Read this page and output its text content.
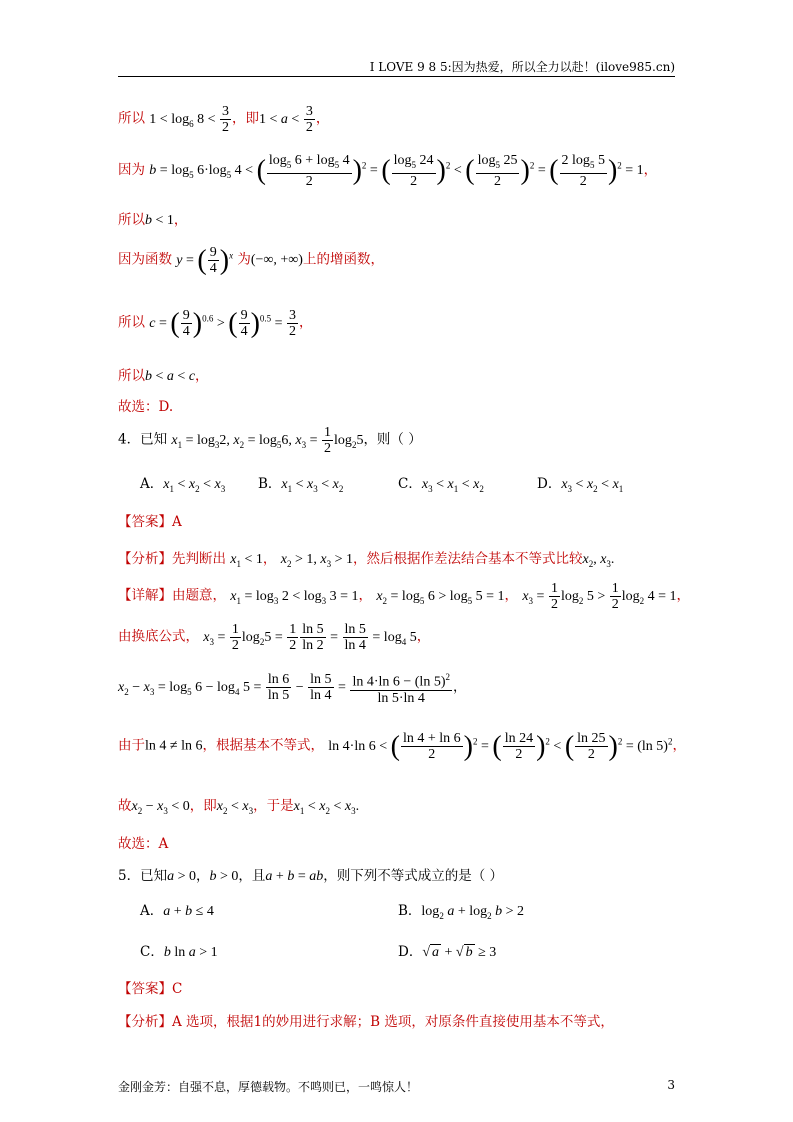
I LOVE 9 8 5:因为热爱，所以全力以赴！(ilove985.cn)
所以 $1 < \log_6 8 < \frac{3}{2}$ ，即$1 < a < \frac{3}{2}$ ，
因为 $b = \log_5 6\cdot\log_5$ 4 < ( $\frac{\log_5 6 + \log_5 4}{2} )^2$ = ( $\frac{\log_5 24}{2} )^2$ < ( $\frac{\log_5 25}{2} )^2$ = ( $\frac{2 \log_5 5}{2} )^2 = 1$，
所以b < 1，
因为函数 y = ( $\frac{9}{4} )^x$ 为(−∞, +∞)上的增函数，
所以 c = ( $\frac{9}{4} )^{0.6}$ > ( $\frac{9}{4} )^{0.5} = \frac{3}{2}$ ，
所以b < a < c，
故选：D.
4．已知 $x_1 = \log_32$, $x_2 = \log_56$, $x_3 = \frac{1}{2} \log_25$，则（ ）
A．$x_1 < x_2 < x_3$ B．$x_1 < x_3 < x_2$	C．$x_3 < x_1 < x_2$	D．$x_3 < x_2 < x_1$
【答案】A
【分析】先判断出 $x_1 < 1$， $x_2 > 1$, $x_3 > 1$，然后根据作差法结合基本不等式比较$x_2$, $x_3$.
【详解】由题意， $x_1 = \log_3 2 < \log_3 3 = 1$， $x_2 = \log_5 6 > \log_5 5 = 1$， $x_3 = \frac{1}{2} \log_2 5 > \frac{1}{2} \log_2 4 = 1$，
由换底公式， $x_3 = \frac{1}{2} \log_25 = \frac{1}{2} \frac{\ln 5}{\ln 2} = \frac{\ln 5}{\ln 4} = \log_4 5$，
$x_2 - x_3 = \log_5 6 - \log_4 5 = \frac{\ln 6}{\ln 5} - \frac{\ln 5}{\ln 4} = \frac{\ln 4\cdot\ln 6 - (\ln 5)^2}{\ln 5\cdot\ln 4}$ ，
由于ln 4 ≠ ln 6，根据基本不等式， ln 4·ln 6 < ( $\frac{\ln 4 + \ln 6}{2} )^2$ = ( $\frac{\ln 24}{2} )^2$ < ( $\frac{\ln 25}{2} )^2 = (\ln$ 5)$^2$，
故$x_2 - x_3 < 0$，即$x_2 < x_3$，于是$x_1 < x_2 < x_3$.
故选：A
5．已知a > 0，b > 0，且a + b = ab，则下列不等式成立的是（ ）
A．a + b ≤ 4	B．$\log_2 a + \log_2 b > 2$
C．b ln a > 1	D．√ a + √ b ≥ 3
【答案】C
【分析】A 选项，根据1的妙用进行求解；B 选项，对原条件直接使用基本不等式，
金刚金芳：自强不息，厚德载物。不鸣则已，一鸣惊人！	3
